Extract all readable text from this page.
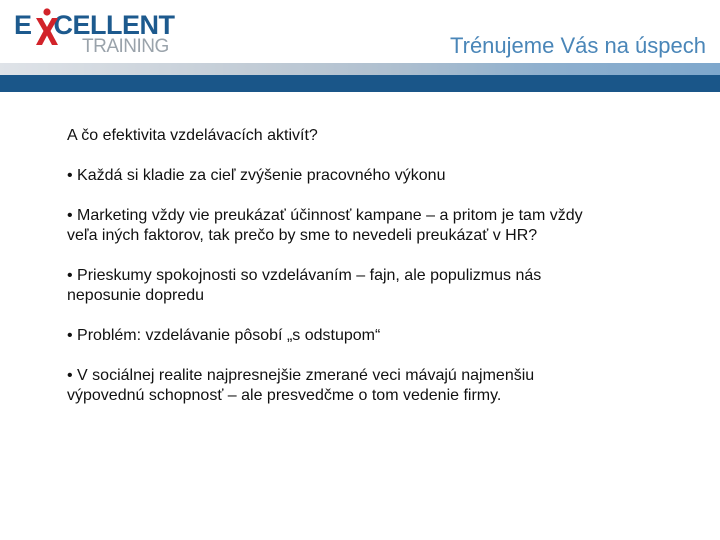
E CELLENT
TRAINING	Trénujeme Vás na úspech

A čo efektivita vzdelávacích aktivít?

• Každá si kladie za cieľ zvýšenie pracovného výkonu

• Marketing vždy vie preukázať účinnosť kampane – a pritom je tam vždy veľa iných faktorov, tak prečo by sme to nevedeli preukázať v HR?

• Prieskumy spokojnosti so vzdelávaním – fajn, ale populizmus nás neposunie dopredu

• Problém: vzdelávanie pôsobí „s odstupom“

• V sociálnej realite najpresnejšie zmerané veci mávajú najmenšiu výpovednú schopnosť – ale presvedčme o tom vedenie firmy.
